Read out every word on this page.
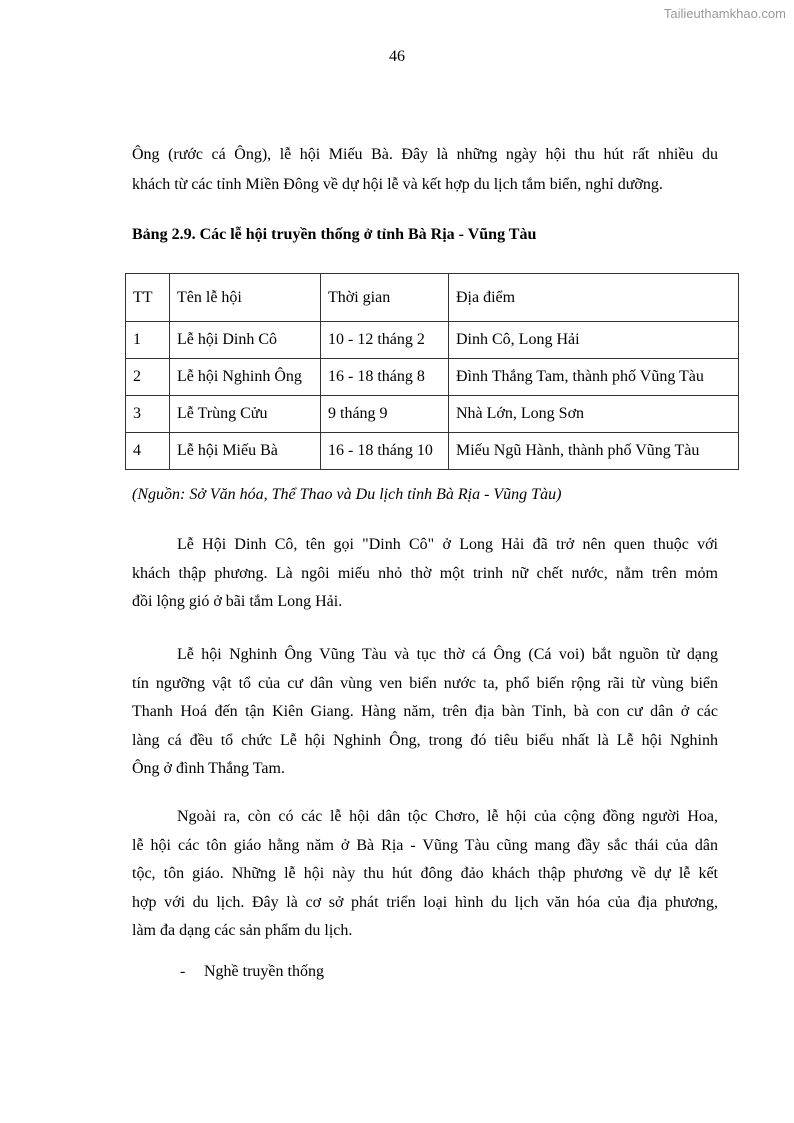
Tailieuthamkhao.com
46
Ông (rước cá Ông), lễ hội Miếu Bà. Đây là những ngày hội thu hút rất nhiều du
khách từ các tỉnh Miền Đông về dự hội lễ và kết hợp du lịch tắm biển, nghỉ dưỡng.
Bảng 2.9. Các lễ hội truyền thống ở tỉnh Bà Rịa - Vũng Tàu
TT	Tên lễ hội	Thời gian	Địa điểm
1	Lễ hội Dinh Cô	10 - 12 tháng 2	Dinh Cô, Long Hải
2	Lễ hội Nghinh Ông	16 - 18 tháng 8	Đình Thắng Tam, thành phố Vũng Tàu
3	Lễ Trùng Cửu	9 tháng 9	Nhà Lớn, Long Sơn
4	Lễ hội Miếu Bà	16 - 18 tháng 10	Miếu Ngũ Hành, thành phố Vũng Tàu
(Nguồn: Sở Văn hóa, Thể Thao và Du lịch tỉnh Bà Rịa - Vũng Tàu)
Lễ Hội Dinh Cô, tên gọi "Dinh Cô" ở Long Hải đã trở nên quen thuộc với
khách thập phương. Là ngôi miếu nhỏ thờ một trinh nữ chết nước, nằm trên mỏm
đồi lộng gió ở bãi tắm Long Hải.
Lễ hội Nghinh Ông Vũng Tàu và tục thờ cá Ông (Cá voi) bắt nguồn từ dạng
tín ngưỡng vật tổ của cư dân vùng ven biển nước ta, phổ biến rộng rãi từ vùng biển
Thanh Hoá đến tận Kiên Giang. Hàng năm, trên địa bàn Tỉnh, bà con cư dân ở các
làng cá đều tổ chức Lễ hội Nghinh Ông, trong đó tiêu biểu nhất là Lễ hội Nghinh
Ông ở đình Thắng Tam.
Ngoài ra, còn có các lễ hội dân tộc Chơro, lễ hội của cộng đồng người Hoa,
lễ hội các tôn giáo hằng năm ở Bà Rịa - Vũng Tàu cũng mang đầy sắc thái của dân
tộc, tôn giáo. Những lễ hội này thu hút đông đảo khách thập phương về dự lễ kết
hợp với du lịch. Đây là cơ sở phát triển loại hình du lịch văn hóa của địa phương,
làm đa dạng các sản phẩm du lịch.
- Nghề truyền thống
